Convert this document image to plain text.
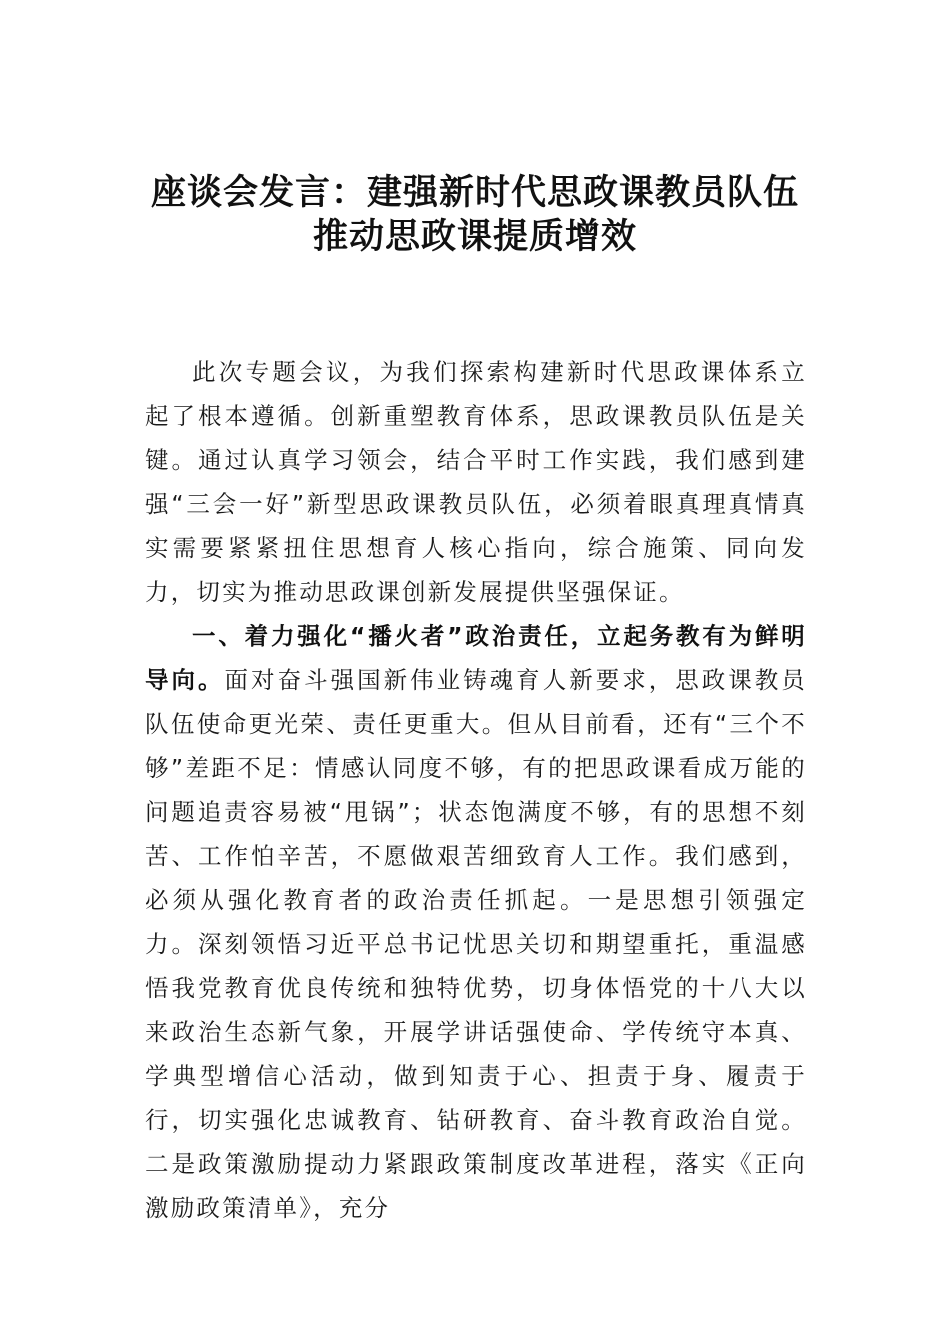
座谈会发言：建强新时代思政课教员队伍
推动思政课提质增效

此次专题会议，为我们探索构建新时代思政课体系立起了根本遵循。创新重塑教育体系，思政课教员队伍是关键。通过认真学习领会，结合平时工作实践，我们感到建强“三会一好”新型思政课教员队伍，必须着眼真理真情真实需要紧紧扭住思想育人核心指向，综合施策、同向发力，切实为推动思政课创新发展提供坚强保证。

一、着力强化“播火者”政治责任，立起务教有为鲜明导向。面对奋斗强国新伟业铸魂育人新要求，思政课教员队伍使命更光荣、责任更重大。但从目前看，还有“三个不够”差距不足：情感认同度不够，有的把思政课看成万能的问题追责容易被“甩锅”；状态饱满度不够，有的思想不刻苦、工作怕辛苦，不愿做艰苦细致育人工作。我们感到，必须从强化教育者的政治责任抓起。一是思想引领强定力。深刻领悟习近平总书记忧思关切和期望重托，重温感悟我党教育优良传统和独特优势，切身体悟党的十八大以来政治生态新气象，开展学讲话强使命、学传统守本真、学典型增信心活动，做到知责于心、担责于身、履责于行，切实强化忠诚教育、钻研教育、奋斗教育政治自觉。二是政策激励提动力紧跟政策制度改革进程，落实《正向激励政策清单》，充分
